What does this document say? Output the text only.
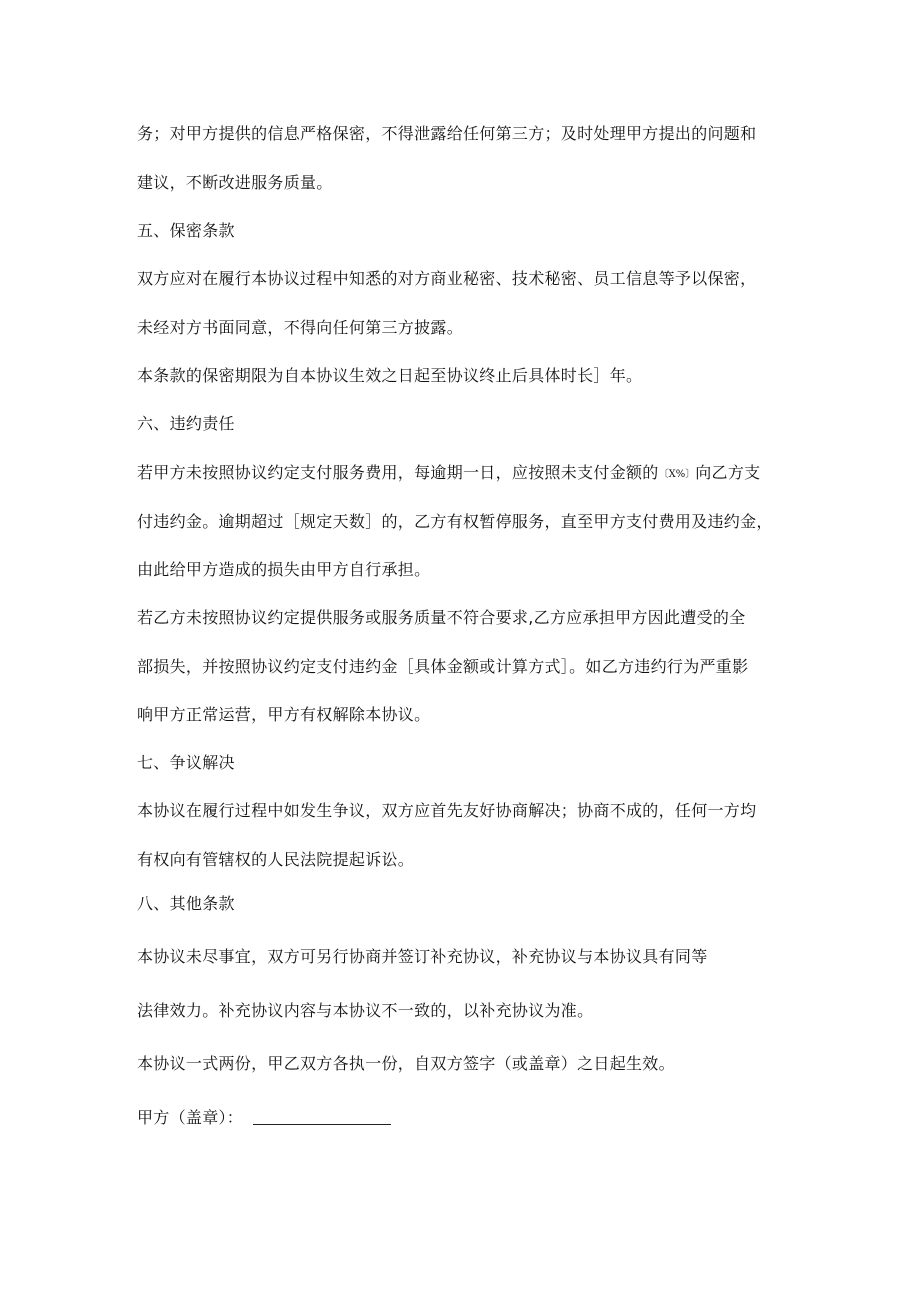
务；对甲方提供的信息严格保密，不得泄露给任何第三方；及时处理甲方提出的问题和
建议，不断改进服务质量。
五、保密条款
双方应对在履行本协议过程中知悉的对方商业秘密、技术秘密、员工信息等予以保密，
未经对方书面同意，不得向任何第三方披露。
本条款的保密期限为自本协议生效之日起至协议终止后具体时长］年。
六、违约责任
若甲方未按照协议约定支付服务费用，每逾期一日，应按照未支付金额的〔X%〕向乙方支
付违约金。逾期超过［规定天数］的，乙方有权暂停服务，直至甲方支付费用及违约金，
由此给甲方造成的损失由甲方自行承担。
若乙方未按照协议约定提供服务或服务质量不符合要求,乙方应承担甲方因此遭受的全
部损失，并按照协议约定支付违约金［具体金额或计算方式］。如乙方违约行为严重影
响甲方正常运营，甲方有权解除本协议。
七、争议解决
本协议在履行过程中如发生争议，双方应首先友好协商解决；协商不成的，任何一方均
有权向有管辖权的人民法院提起诉讼。
八、其他条款
本协议未尽事宜，双方可另行协商并签订补充协议，补充协议与本协议具有同等
法律效力。补充协议内容与本协议不一致的，以补充协议为准。
本协议一式两份，甲乙双方各执一份，自双方签字（或盖章）之日起生效。
甲方（盖章）：
